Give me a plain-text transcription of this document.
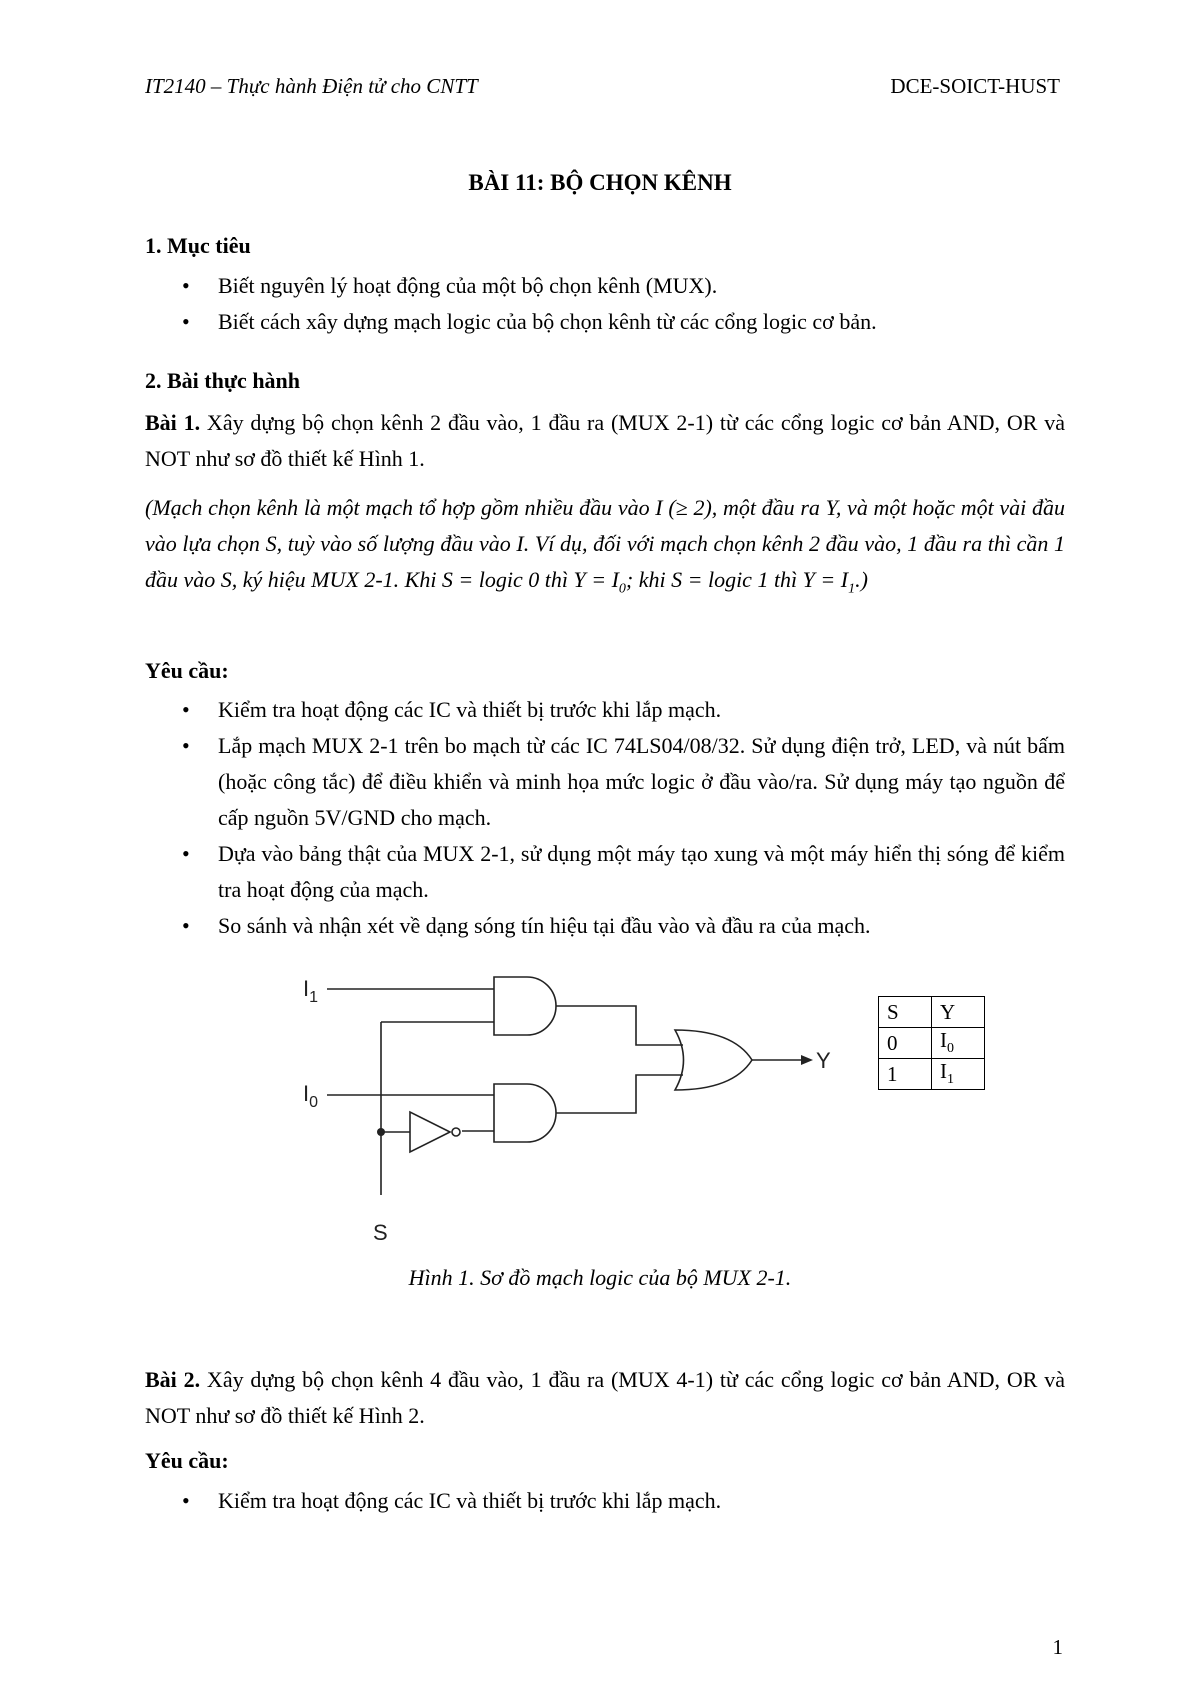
IT2140 – Thực hành Điện tử cho CNTT	DCE-SOICT-HUST
BÀI 11: BỘ CHỌN KÊNH
1. Mục tiêu
• Biết nguyên lý hoạt động của một bộ chọn kênh (MUX).
• Biết cách xây dựng mạch logic của bộ chọn kênh từ các cổng logic cơ bản.
2. Bài thực hành
Bài 1. Xây dựng bộ chọn kênh 2 đầu vào, 1 đầu ra (MUX 2-1) từ các cổng logic cơ bản AND, OR và NOT như sơ đồ thiết kế Hình 1.
(Mạch chọn kênh là một mạch tổ hợp gồm nhiều đầu vào I (≥ 2), một đầu ra Y, và một hoặc một vài đầu vào lựa chọn S, tuỳ vào số lượng đầu vào I. Ví dụ, đối với mạch chọn kênh 2 đầu vào, 1 đầu ra thì cần 1 đầu vào S, ký hiệu MUX 2-1. Khi S = logic 0 thì $Y = I_0$; khi S = logic 1 thì $Y = I_1$.)
Yêu cầu:
• Kiểm tra hoạt động các IC và thiết bị trước khi lắp mạch.
• Lắp mạch MUX 2-1 trên bo mạch từ các IC 74LS04/08/32. Sử dụng điện trở, LED, và nút bấm (hoặc công tắc) để điều khiển và minh họa mức logic ở đầu vào/ra. Sử dụng máy tạo nguồn để cấp nguồn 5V/GND cho mạch.
• Dựa vào bảng thật của MUX 2-1, sử dụng một máy tạo xung và một máy hiển thị sóng để kiểm tra hoạt động của mạch.
• So sánh và nhận xét về dạng sóng tín hiệu tại đầu vào và đầu ra của mạch.
$I_1$
$I_0$
Y
S
S	Y
0	$I_0$
1	$I_1$
Hình 1. Sơ đồ mạch logic của bộ MUX 2-1.
Bài 2. Xây dựng bộ chọn kênh 4 đầu vào, 1 đầu ra (MUX 4-1) từ các cổng logic cơ bản AND, OR và NOT như sơ đồ thiết kế Hình 2.
Yêu cầu:
• Kiểm tra hoạt động các IC và thiết bị trước khi lắp mạch.
1
